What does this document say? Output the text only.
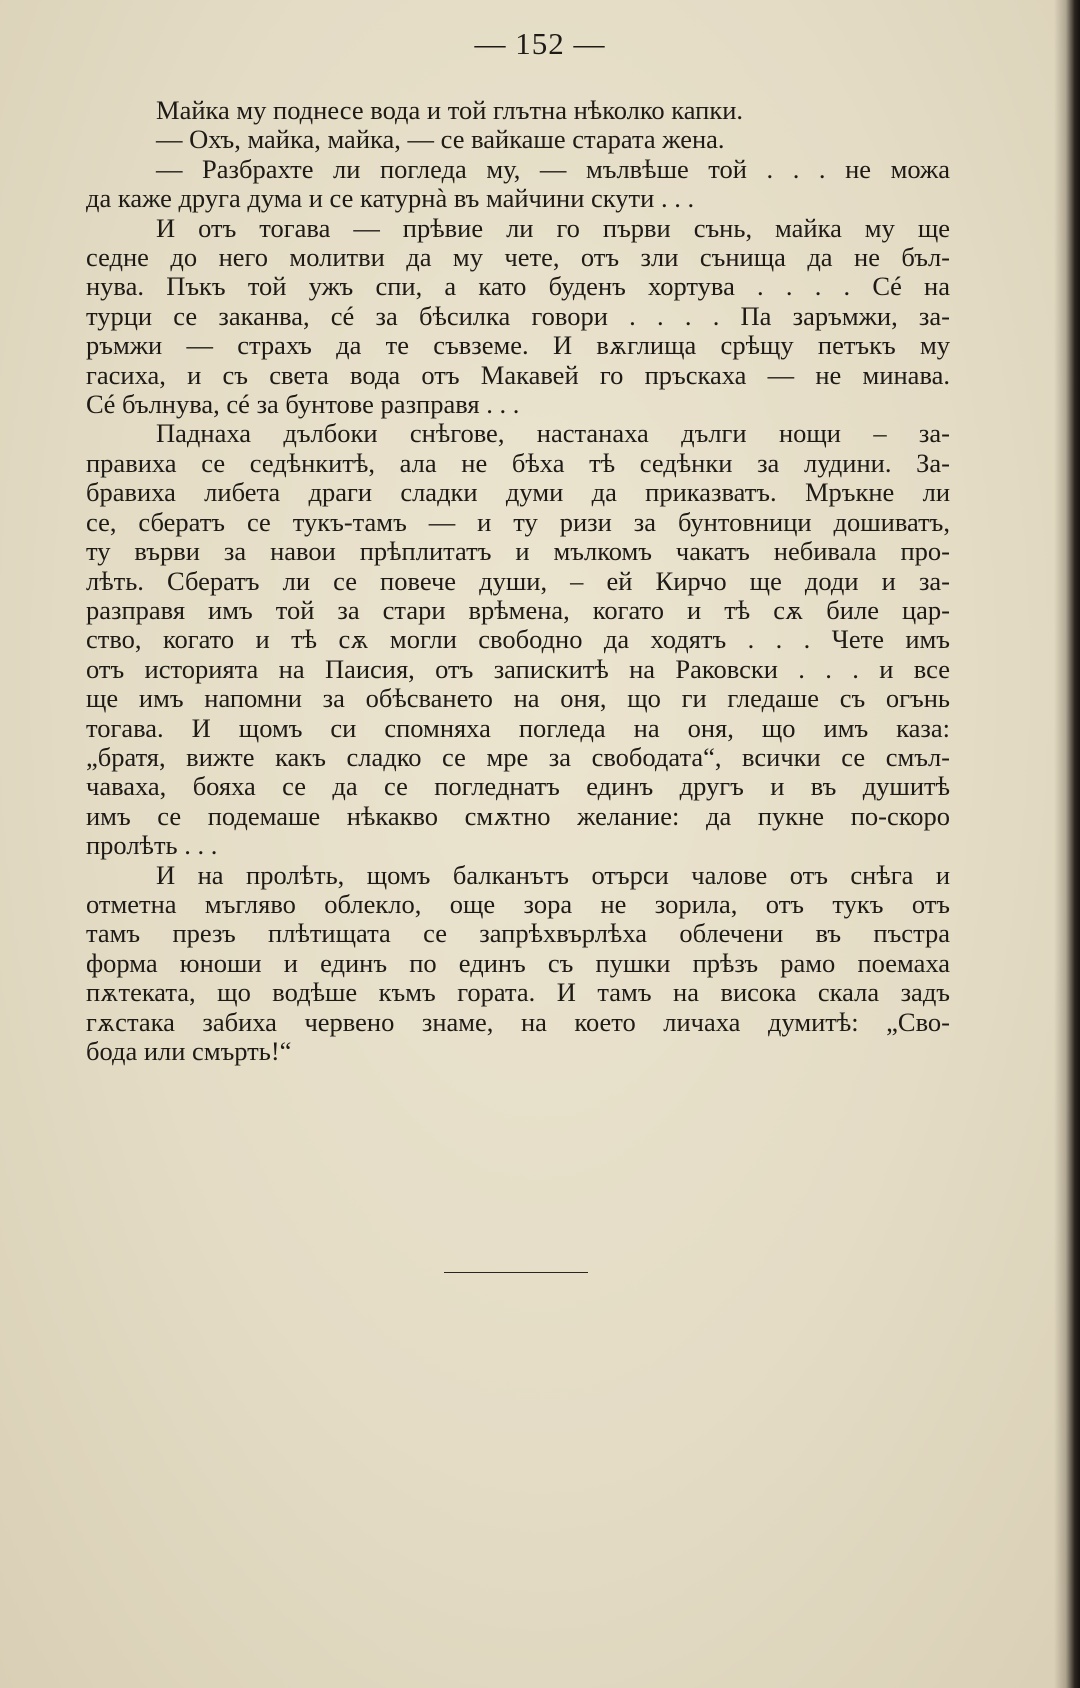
— 152 —
Майка му поднесе вода и той глътна нѣколко капки.
— Охъ, майка, майка, — се вайкаше старата жена.
— Разбрахте ли погледа му, — мълвѣше той . . . не можа
да каже друга дума и се катурнà въ майчини скути . . .
И отъ тогава — прѣвие ли го първи сънь, майка му ще
седне до него молитви да му чете, отъ зли сънища да не бъл-
нува. Пъкъ той ужъ спи, а като буденъ хортува . . . . Сé на
турци се заканва, сé за бѣсилка говори . . . . Па заръмжи, за-
ръмжи — страхъ да те съвземе. И вѫглища срѣщу петъкъ му
гасиха, и съ света вода отъ Макавей го пръскаха — не минава.
Сé бълнува, сé за бунтове разправя . . .
Паднаха дълбоки снѣгове, настанаха дълги нощи – за-
правиха се седѣнкитѣ, ала не бѣха тѣ седѣнки за лудини. За-
бравиха либета драги сладки думи да приказватъ. Мръкне ли
се, сбератъ се тукъ-тамъ — и ту ризи за бунтовници дошиватъ,
ту върви за навои прѣплитатъ и мълкомъ чакатъ небивала про-
лѣть. Сбератъ ли се повече души, – ей Кирчо ще доди и за-
разправя имъ той за стари врѣмена, когато и тѣ сѫ биле цар-
ство, когато и тѣ сѫ могли свободно да ходятъ . . . Чете имъ
отъ историята на Паисия, отъ запискитѣ на Раковски . . . и все
ще имъ напомни за обѣсването на оня, що ги гледаше съ огънь
тогава. И щомъ си спомняха погледа на оня, що имъ каза:
„братя, вижте какъ сладко се мре за свободата“, всички се смъл-
чаваха, бояха се да се погледнатъ единъ другъ и въ душитѣ
имъ се подемаше нѣкакво смѫтно желание: да пукне по-скоро
пролѣть . . .
И на пролѣть, щомъ балканътъ отърси чалове отъ снѣга и
отметна мъгляво облекло, още зора не зорила, отъ тукъ отъ
тамъ презъ плѣтищата се запрѣхвърлѣха облечени въ пъстра
форма юноши и единъ по единъ съ пушки прѣзъ рамо поемаха
пѫтеката, що водѣше къмъ гората. И тамъ на висока скала задъ
гѫстака забиха червено знаме, на което личаха думитѣ: „Сво-
бода или смърть!“
